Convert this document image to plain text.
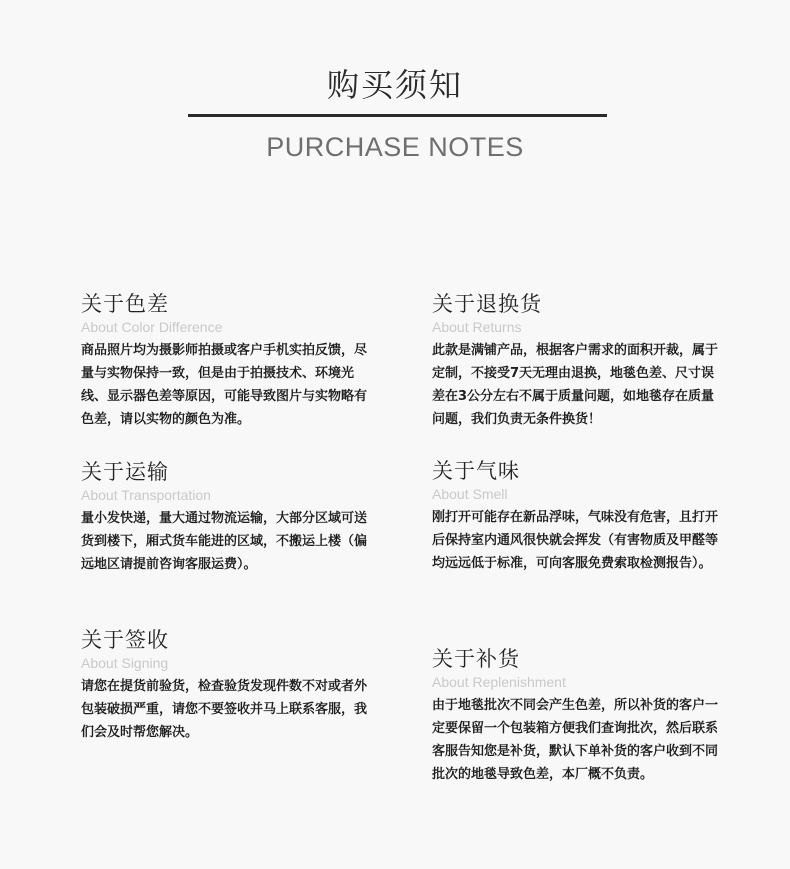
购买须知
PURCHASE NOTES
关于色差

About Color Difference

商品照片均为摄影师拍摄或客户手机实拍反馈，尽量与实物保持一致，但是由于拍摄技术、环境光线、显示器色差等原因，可能导致图片与实物略有色差，请以实物的颜色为准。

关于退换货

About Returns

此款是满铺产品，根据客户需求的面积开裁，属于定制，不接受7天无理由退换，地毯色差、尺寸误差在3公分左右不属于质量问题，如地毯存在质量问题，我们负责无条件换货！

关于运输

About Transportation

量小发快递，量大通过物流运输，大部分区域可送货到楼下，厢式货车能进的区域，不搬运上楼（偏远地区请提前咨询客服运费）。

关于气味

About Smell

刚打开可能存在新品浮味，气味没有危害，且打开后保持室内通风很快就会挥发（有害物质及甲醛等均远远低于标准，可向客服免费索取检测报告）。

关于签收

About Signing

请您在提货前验货，检查验货发现件数不对或者外包装破损严重，请您不要签收并马上联系客服，我们会及时帮您解决。

关于补货

About Replenishment

由于地毯批次不同会产生色差，所以补货的客户一定要保留一个包装箱方便我们查询批次，然后联系客服告知您是补货，默认下单补货的客户收到不同批次的地毯导致色差，本厂概不负责。
